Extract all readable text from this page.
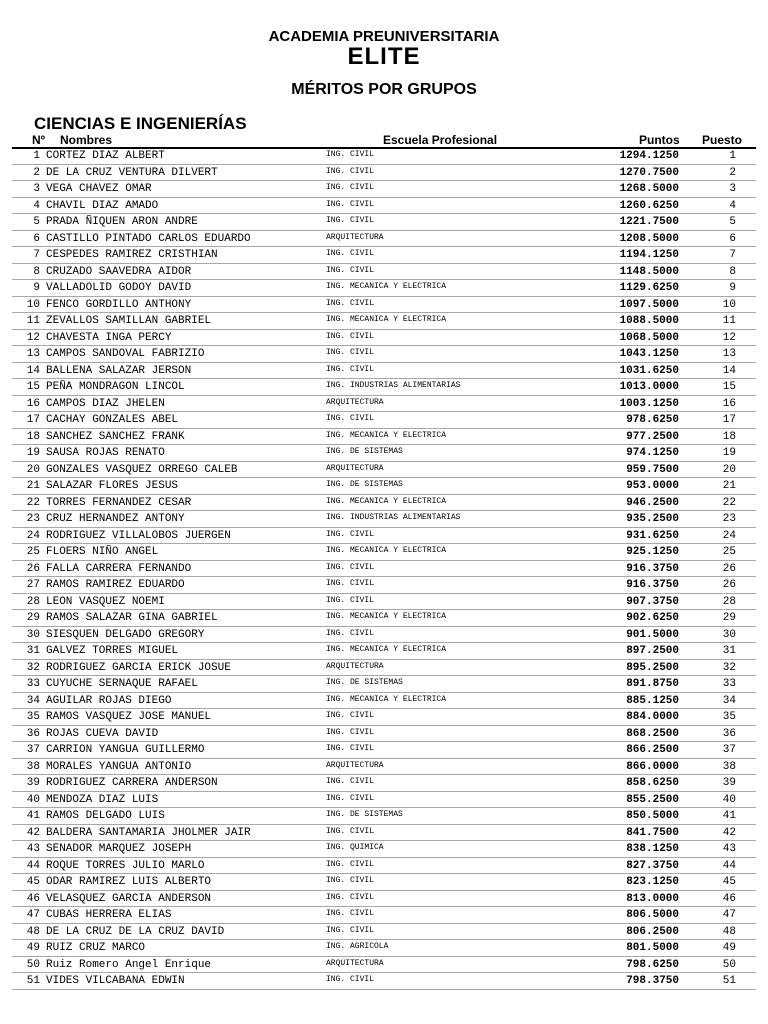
ACADEMIA PREUNIVERSITARIA
ELITE
MÉRITOS POR GRUPOS
CIENCIAS E INGENIERÍAS
Nº Nombres	Escuela Profesional	Puntos Puesto
1 CORTEZ DIAZ ALBERT	ING. CIVIL	1294.1250	1
2 DE LA CRUZ VENTURA DILVERT	ING. CIVIL	1270.7500	2
3 VEGA CHAVEZ OMAR	ING. CIVIL	1268.5000	3
4 CHAVIL DIAZ AMADO	ING. CIVIL	1260.6250	4
5 PRADA ÑIQUEN ARON ANDRE	ING. CIVIL	1221.7500	5
6 CASTILLO PINTADO CARLOS EDUARDO	ARQUITECTURA	1208.5000	6
7 CESPEDES RAMIREZ CRISTHIAN	ING. CIVIL	1194.1250	7
8 CRUZADO SAAVEDRA AIDOR	ING. CIVIL	1148.5000	8
9 VALLADOLID GODOY DAVID	ING. MECANICA Y ELECTRICA	1129.6250	9
10 FENCO GORDILLO ANTHONY	ING. CIVIL	1097.5000	10
11 ZEVALLOS SAMILLAN GABRIEL	ING. MECANICA Y ELECTRICA	1088.5000	11
12 CHAVESTA INGA PERCY	ING. CIVIL	1068.5000	12
13 CAMPOS SANDOVAL FABRIZIO	ING. CIVIL	1043.1250	13
14 BALLENA SALAZAR JERSON	ING. CIVIL	1031.6250	14
15 PEÑA MONDRAGON LINCOL	ING. INDUSTRIAS ALIMENTARIAS	1013.0000	15
16 CAMPOS DIAZ JHELEN	ARQUITECTURA	1003.1250	16
17 CACHAY GONZALES ABEL	ING. CIVIL	978.6250	17
18 SANCHEZ SANCHEZ FRANK	ING. MECANICA Y ELECTRICA	977.2500	18
19 SAUSA ROJAS RENATO	ING. DE SISTEMAS	974.1250	19
20 GONZALES VASQUEZ ORREGO CALEB	ARQUITECTURA	959.7500	20
21 SALAZAR FLORES JESUS	ING. DE SISTEMAS	953.0000	21
22 TORRES FERNANDEZ CESAR	ING. MECANICA Y ELECTRICA	946.2500	22
23 CRUZ HERNANDEZ ANTONY	ING. INDUSTRIAS ALIMENTARIAS	935.2500	23
24 RODRIGUEZ VILLALOBOS JUERGEN	ING. CIVIL	931.6250	24
25 FLOERS NIÑO ANGEL	ING. MECANICA Y ELECTRICA	925.1250	25
26 FALLA CARRERA FERNANDO	ING. CIVIL	916.3750	26
27 RAMOS RAMIREZ EDUARDO	ING. CIVIL	916.3750	26
28 LEON VASQUEZ NOEMI	ING. CIVIL	907.3750	28
29 RAMOS SALAZAR GINA GABRIEL	ING. MECANICA Y ELECTRICA	902.6250	29
30 SIESQUEN DELGADO GREGORY	ING. CIVIL	901.5000	30
31 GALVEZ TORRES MIGUEL	ING. MECANICA Y ELECTRICA	897.2500	31
32 RODRIGUEZ GARCIA ERICK JOSUE	ARQUITECTURA	895.2500	32
33 CUYUCHE SERNAQUE RAFAEL	ING. DE SISTEMAS	891.8750	33
34 AGUILAR ROJAS DIEGO	ING. MECANICA Y ELECTRICA	885.1250	34
35 RAMOS VASQUEZ JOSE MANUEL	ING. CIVIL	884.0000	35
36 ROJAS CUEVA DAVID	ING. CIVIL	868.2500	36
37 CARRION YANGUA GUILLERMO	ING. CIVIL	866.2500	37
38 MORALES YANGUA ANTONIO	ARQUITECTURA	866.0000	38
39 RODRIGUEZ CARRERA ANDERSON	ING. CIVIL	858.6250	39
40 MENDOZA DIAZ LUIS	ING. CIVIL	855.2500	40
41 RAMOS DELGADO LUIS	ING. DE SISTEMAS	850.5000	41
42 BALDERA SANTAMARIA JHOLMER JAIR	ING. CIVIL	841.7500	42
43 SENADOR MARQUEZ JOSEPH	ING. QUIMICA	838.1250	43
44 ROQUE TORRES JULIO MARLO	ING. CIVIL	827.3750	44
45 ODAR RAMIREZ LUIS ALBERTO	ING. CIVIL	823.1250	45
46 VELASQUEZ GARCIA ANDERSON	ING. CIVIL	813.0000	46
47 CUBAS HERRERA ELIAS	ING. CIVIL	806.5000	47
48 DE LA CRUZ DE LA CRUZ DAVID	ING. CIVIL	806.2500	48
49 RUIZ CRUZ MARCO	ING. AGRICOLA	801.5000	49
50 Ruiz Romero Angel Enrique	ARQUITECTURA	798.6250	50
51 VIDES VILCABANA EDWIN	ING. CIVIL	798.3750	51
